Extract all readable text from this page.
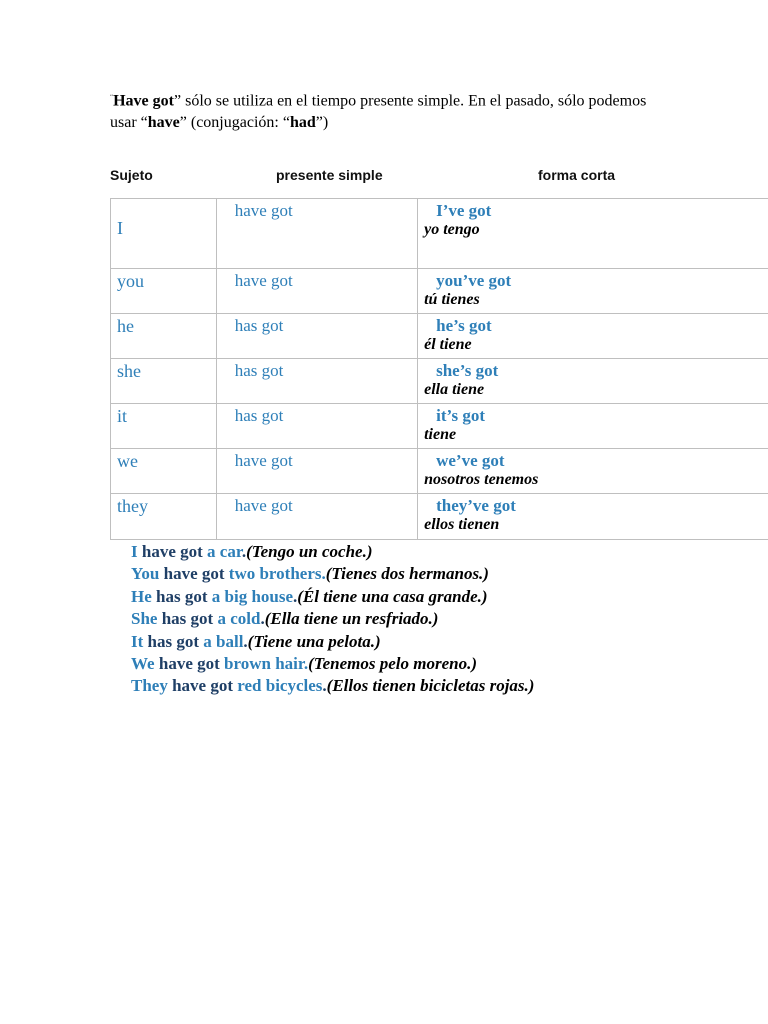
“Have got” sólo se utiliza en el tiempo presente simple. En el pasado, sólo podemos usar “have” (conjugación: “had”)
Sujeto	presente simple	forma corta
I	have got	I’ve got
yo tengo

you	have got	you’ve got
tú tienes

he	has got	he’s got
él tiene

she	has got	she’s got
ella tiene

it	has got	it’s got
tiene

we	have got	we’ve got
nosotros tenemos

they	have got	they’ve got
ellos tienen
I have got a car.(Tengo un coche.)
You have got two brothers.(Tienes dos hermanos.)
He has got a big house.(Él tiene una casa grande.)
She has got a cold.(Ella tiene un resfriado.)
It has got a ball.(Tiene una pelota.)
We have got brown hair.(Tenemos pelo moreno.)
They have got red bicycles.(Ellos tienen bicicletas rojas.)
